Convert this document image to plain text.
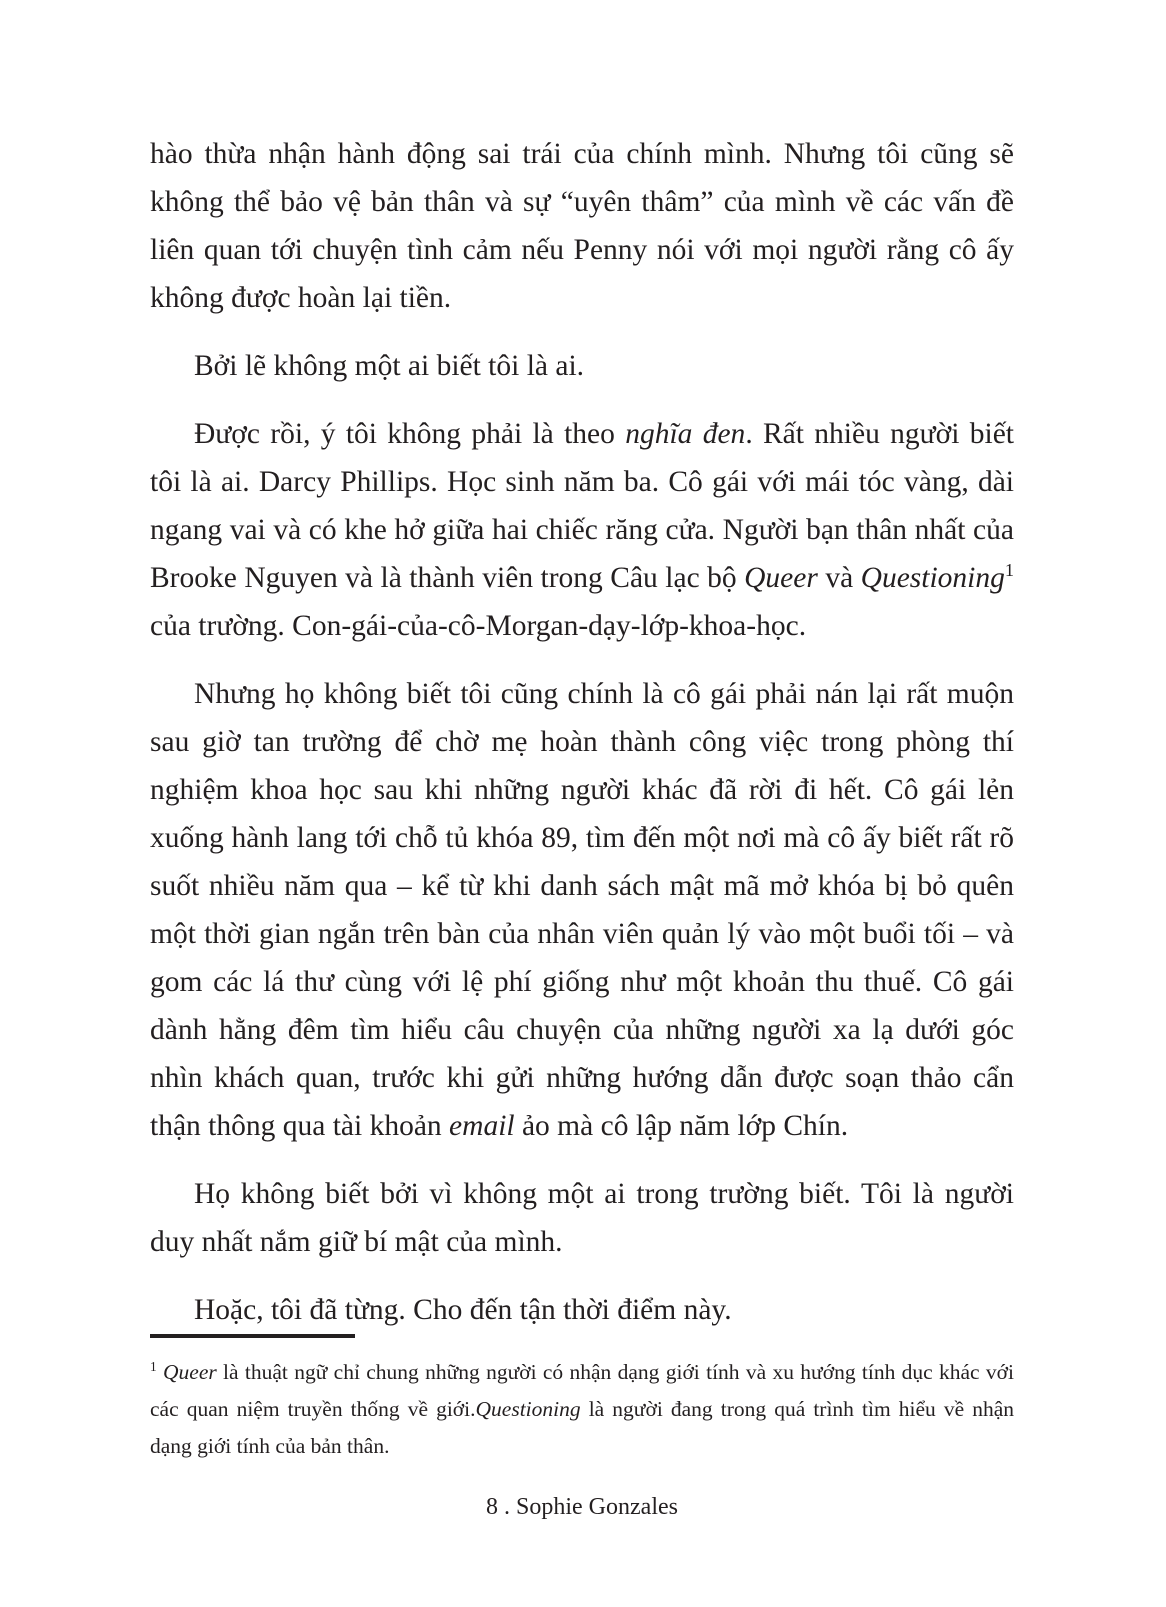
hào thừa nhận hành động sai trái của chính mình. Nhưng tôi cũng sẽ không thể bảo vệ bản thân và sự “uyên thâm” của mình về các vấn đề liên quan tới chuyện tình cảm nếu Penny nói với mọi người rằng cô ấy không được hoàn lại tiền.

Bởi lẽ không một ai biết tôi là ai.

Được rồi, ý tôi không phải là theo nghĩa đen. Rất nhiều người biết tôi là ai. Darcy Phillips. Học sinh năm ba. Cô gái với mái tóc vàng, dài ngang vai và có khe hở giữa hai chiếc răng cửa. Người bạn thân nhất của Brooke Nguyen và là thành viên trong Câu lạc bộ Queer và Questioning$^1$ của trường. Con-gái-của-cô-Morgan-dạy-lớp-khoa-học.

Nhưng họ không biết tôi cũng chính là cô gái phải nán lại rất muộn sau giờ tan trường để chờ mẹ hoàn thành công việc trong phòng thí nghiệm khoa học sau khi những người khác đã rời đi hết. Cô gái lẻn xuống hành lang tới chỗ tủ khóa 89, tìm đến một nơi mà cô ấy biết rất rõ suốt nhiều năm qua – kể từ khi danh sách mật mã mở khóa bị bỏ quên một thời gian ngắn trên bàn của nhân viên quản lý vào một buổi tối – và gom các lá thư cùng với lệ phí giống như một khoản thu thuế. Cô gái dành hằng đêm tìm hiểu câu chuyện của những người xa lạ dưới góc nhìn khách quan, trước khi gửi những hướng dẫn được soạn thảo cẩn thận thông qua tài khoản email ảo mà cô lập năm lớp Chín.

Họ không biết bởi vì không một ai trong trường biết. Tôi là người duy nhất nắm giữ bí mật của mình.

Hoặc, tôi đã từng. Cho đến tận thời điểm này.

$^1$ Queer là thuật ngữ chỉ chung những người có nhận dạng giới tính và xu hướng tính dục khác với các quan niệm truyền thống về giới.Questioning là người đang trong quá trình tìm hiểu về nhận dạng giới tính của bản thân.

8 . Sophie Gonzales
